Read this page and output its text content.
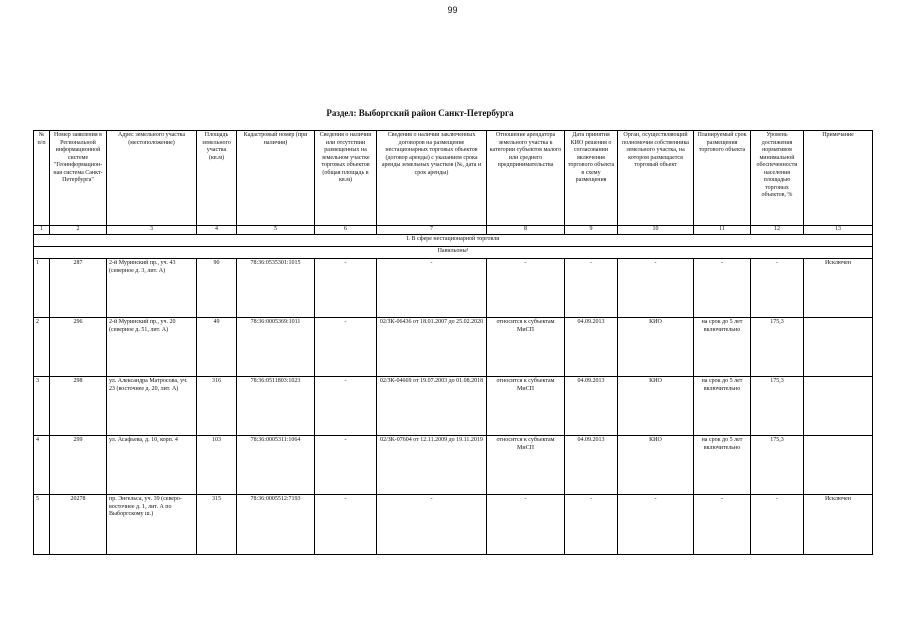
99
Раздел: Выборгский район Санкт-Петербурга
№ п/п	Номер заявления в Региональной информационной системе "Геоинформацион-ная система Санкт-Петербурга"	Адрес земельного участка (местоположение)	Площадь земельного участка (кв.м)	Кадастровый номер (при наличии)	Сведения о наличии или отсутствии размещенных на земельном участке торговых объектов (общая площадь в кв.м)	Сведения о наличии заключенных договоров на размещение нестационарных торговых объектов (договор аренды) с указанием срока аренды земельных участков (№, дата и срок аренды)	Отношение арендатора земельного участка к категории субъектов малого или среднего предпринимательства	Дата принятия КИО решения о согласовании включения торгового объекта в схему размещения	Орган, осуществляющий полномочия собственника земельного участка, на котором размещается торговый объект	Планируемый срок размещения торгового объекта	Уровень достижения нормативов минимальной обеспеченности населения площадью торговых объектов, %	Примечание
1	2	3	4	5	6	7	8	9	10	11	12	13
I. В сфере нестационарной торговли												
Павильоны¹												
1	287	2-й Муринский пр., уч. 43 (северное д. 3, лит. А)	90	78:36:0535301:1015	-	-	-	-	-	-	-	Исключен
2	296	2-й Муринский пр., уч. 20 (северное д. 51, лит. А)	49	78:36:0005369:1011	-	02/ЗК-06436 от 18.01.2007 до 25.02.2020	относится к субъектам МиСП	04.09.2013	КИО	на срок до 5 лет включительно	175,3	
3	298	ул. Александра Матросова, уч. 23 (восточнее д. 20, лит. А)	316	78:36:0511803:1023	-	02/ЗК-04669 от 19.07.2003 до 01.08.2018	относится к субъектам МиСП	04.09.2013	КИО	на срок до 5 лет включительно	175,3	
4	299	ул. Асафьева, д. 10, корп. 4	103	78:36:0005311:1064	-	02/ЗК-07604 от 12.11.2009 до 19.11.2019	относится к субъектам МиСП	04.09.2013	КИО	на срок до 5 лет включительно	175,3	
5	20278	пр. Энгельса, уч. 39 (северо-восточнее д. 1, лит. А по Выборгскому ш.)	315	78:36:0005512:7193	-	-	-	-	-	-	-	Исключен
